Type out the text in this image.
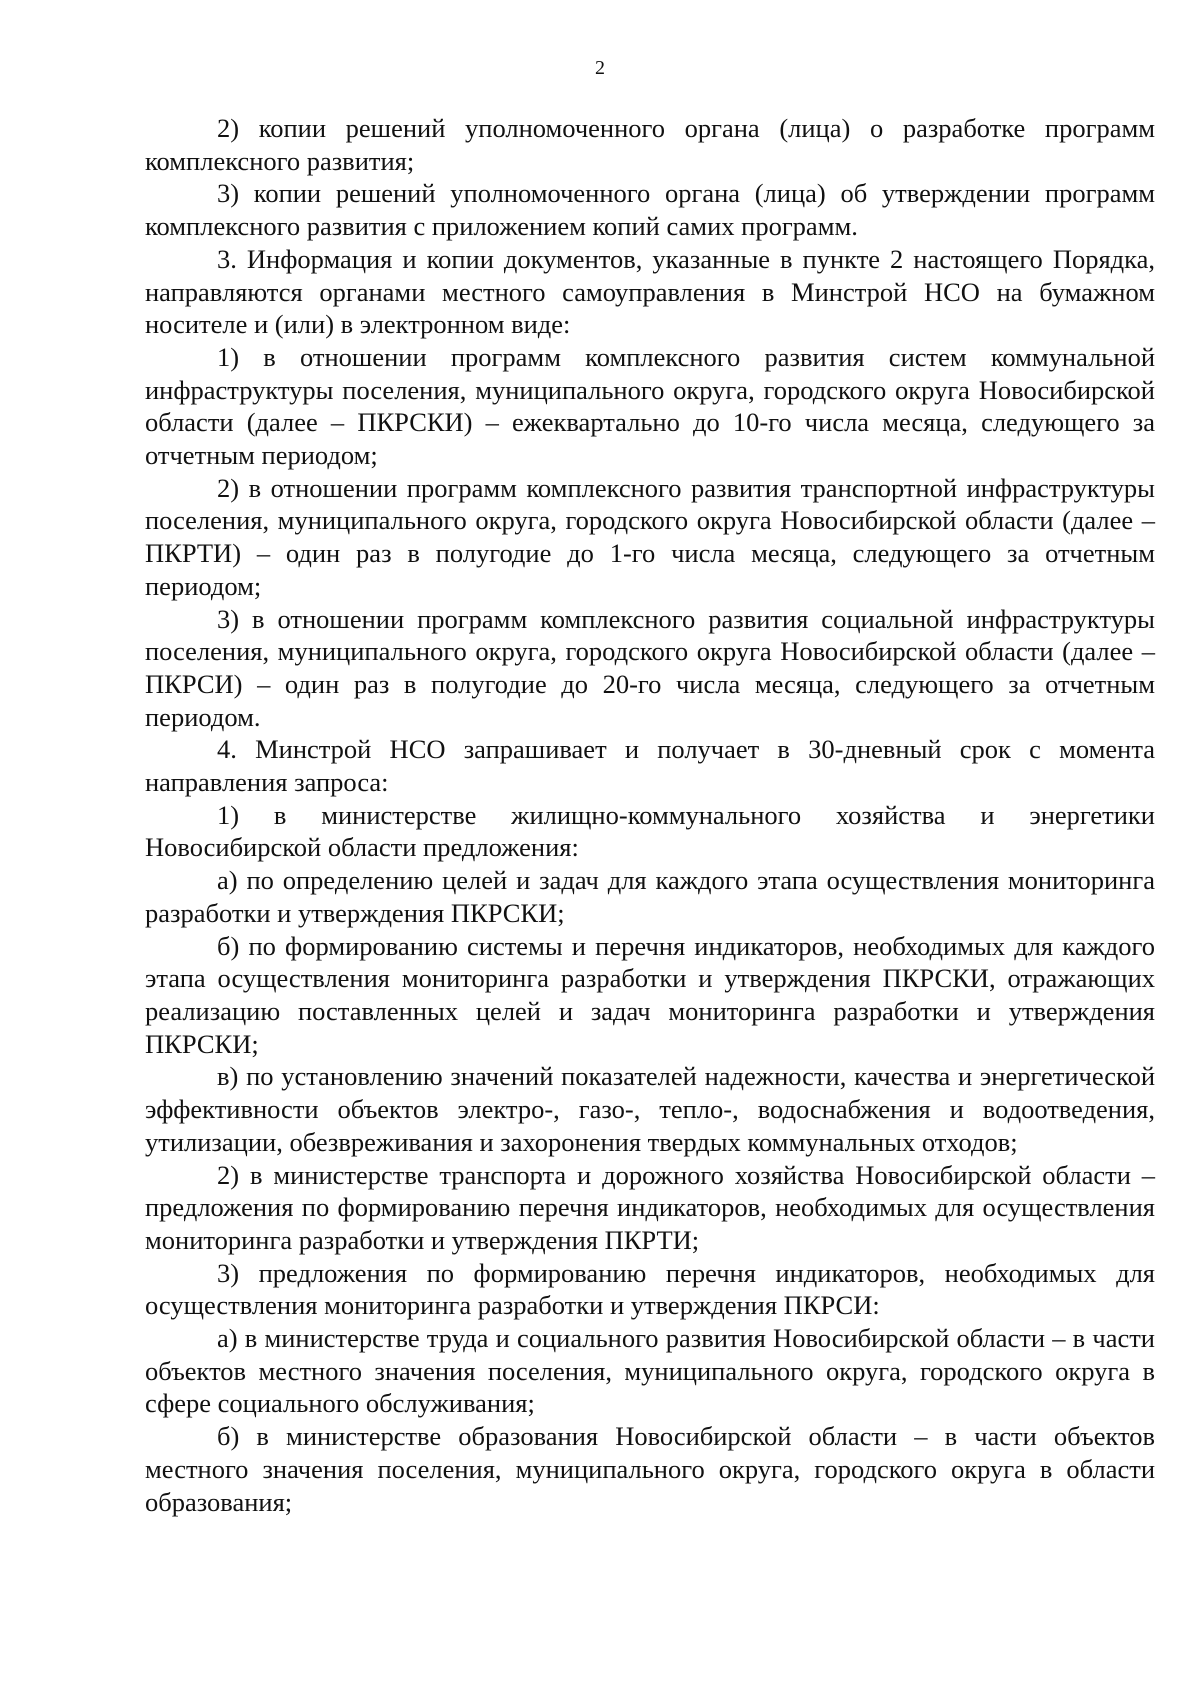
2

2) копии решений уполномоченного органа (лица) о разработке программ комплексного развития;

3) копии решений уполномоченного органа (лица) об утверждении программ комплексного развития с приложением копий самих программ.

3. Информация и копии документов, указанные в пункте 2 настоящего Порядка, направляются органами местного самоуправления в Минстрой НСО на бумажном носителе и (или) в электронном виде:

1) в отношении программ комплексного развития систем коммунальной инфраструктуры поселения, муниципального округа, городского округа Новосибирской области (далее – ПКРСКИ) – ежеквартально до 10-го числа месяца, следующего за отчетным периодом;

2) в отношении программ комплексного развития транспортной инфраструктуры поселения, муниципального округа, городского округа Новосибирской области (далее – ПКРТИ) – один раз в полугодие до 1-го числа месяца, следующего за отчетным периодом;

3) в отношении программ комплексного развития социальной инфраструктуры поселения, муниципального округа, городского округа Новосибирской области (далее – ПКРСИ) – один раз в полугодие до 20-го числа месяца, следующего за отчетным периодом.

4. Минстрой НСО запрашивает и получает в 30-дневный срок с момента направления запроса:

1) в министерстве жилищно-коммунального хозяйства и энергетики Новосибирской области предложения:

а) по определению целей и задач для каждого этапа осуществления мониторинга разработки и утверждения ПКРСКИ;

б) по формированию системы и перечня индикаторов, необходимых для каждого этапа осуществления мониторинга разработки и утверждения ПКРСКИ, отражающих реализацию поставленных целей и задач мониторинга разработки и утверждения ПКРСКИ;

в) по установлению значений показателей надежности, качества и энергетической эффективности объектов электро-, газо-, тепло-, водоснабжения и водоотведения, утилизации, обезвреживания и захоронения твердых коммунальных отходов;

2) в министерстве транспорта и дорожного хозяйства Новосибирской области – предложения по формированию перечня индикаторов, необходимых для осуществления мониторинга разработки и утверждения ПКРТИ;

3) предложения по формированию перечня индикаторов, необходимых для осуществления мониторинга разработки и утверждения ПКРСИ:

а) в министерстве труда и социального развития Новосибирской области – в части объектов местного значения поселения, муниципального округа, городского округа в сфере социального обслуживания;

б) в министерстве образования Новосибирской области – в части объектов местного значения поселения, муниципального округа, городского округа в области образования;
